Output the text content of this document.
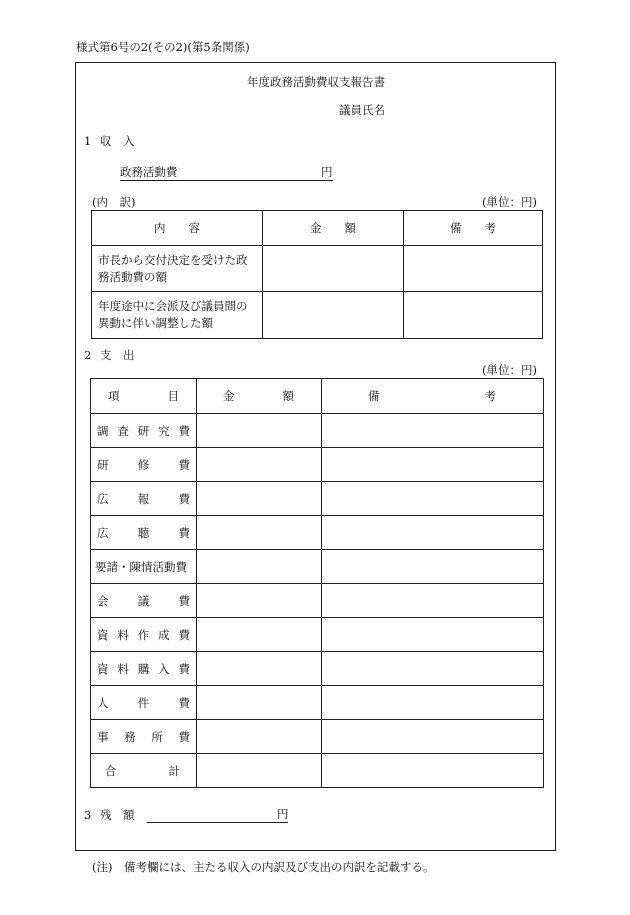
様式第6号の2(その2)(第5条関係)
年度政務活動費収支報告書
議員氏名
1 収　入
政務活動費	円
(内　訳)	(単位：円)
内　　容	金　　額	備　　考

市長から交付決定を受けた政
務活動費の額		

年度途中に会派及び議員間の
異動に伴い調整した額		

2 支　出
(単位：円)
項 目	金 額	備 考

調 査 研 究 費		

研 修 費		

広 報 費		

広 聴 費		

要請・陳情活動費		

会 議 費		

資 料 作 成 費		

資 料 購 入 費		

人 件 費		

事 務 所 費		

合 計		

3 残　額	円
(注)　備考欄には、主たる収入の内訳及び支出の内訳を記載する。
